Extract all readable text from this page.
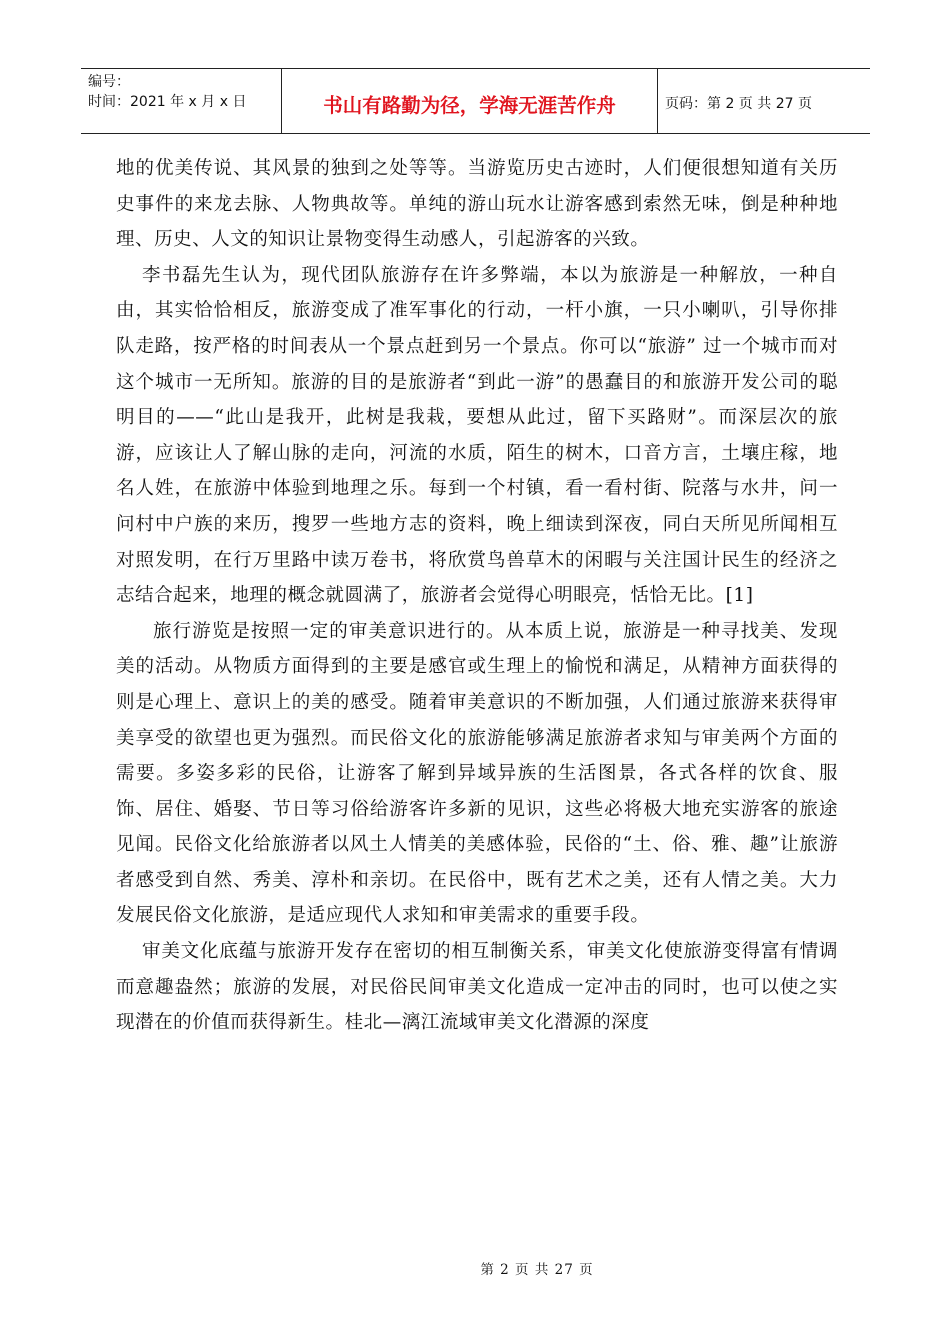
编号：
时间：2021 年 x 月 x 日	书山有路勤为径，学海无涯苦作舟	页码：第 2 页 共 27 页

地的优美传说、其风景的独到之处等等。当游览历史古迹时，人们便很想知道有关历史事件的来龙去脉、人物典故等。单纯的游山玩水让游客感到索然无味，倒是种种地理、历史、人文的知识让景物变得生动感人，引起游客的兴致。

李书磊先生认为，现代团队旅游存在许多弊端，本以为旅游是一种解放，一种自由，其实恰恰相反，旅游变成了准军事化的行动，一杆小旗，一只小喇叭，引导你排队走路，按严格的时间表从一个景点赶到另一个景点。你可以“旅游” 过一个城市而对这个城市一无所知。旅游的目的是旅游者“到此一游”的愚蠢目的和旅游开发公司的聪明目的——“此山是我开，此树是我栽，要想从此过，留下买路财”。而深层次的旅游，应该让人了解山脉的走向，河流的水质，陌生的树木，口音方言，土壤庄稼，地名人姓，在旅游中体验到地理之乐。每到一个村镇，看一看村街、院落与水井，问一问村中户族的来历，搜罗一些地方志的资料，晚上细读到深夜，同白天所见所闻相互对照发明，在行万里路中读万卷书，将欣赏鸟兽草木的闲暇与关注国计民生的经济之志结合起来，地理的概念就圆满了，旅游者会觉得心明眼亮，恬恰无比。[1]

旅行游览是按照一定的审美意识进行的。从本质上说，旅游是一种寻找美、发现美的活动。从物质方面得到的主要是感官或生理上的愉悦和满足，从精神方面获得的则是心理上、意识上的美的感受。随着审美意识的不断加强，人们通过旅游来获得审美享受的欲望也更为强烈。而民俗文化的旅游能够满足旅游者求知与审美两个方面的需要。多姿多彩的民俗，让游客了解到异域异族的生活图景，各式各样的饮食、服饰、居住、婚娶、节日等习俗给游客许多新的见识，这些必将极大地充实游客的旅途见闻。民俗文化给旅游者以风土人情美的美感体验，民俗的“土、俗、雅、趣”让旅游者感受到自然、秀美、淳朴和亲切。在民俗中，既有艺术之美，还有人情之美。大力发展民俗文化旅游，是适应现代人求知和审美需求的重要手段。

审美文化底蕴与旅游开发存在密切的相互制衡关系，审美文化使旅游变得富有情调而意趣盎然；旅游的发展，对民俗民间审美文化造成一定冲击的同时，也可以使之实现潜在的价值而获得新生。桂北—漓江流域审美文化潜源的深度

第 2 页 共 27 页
